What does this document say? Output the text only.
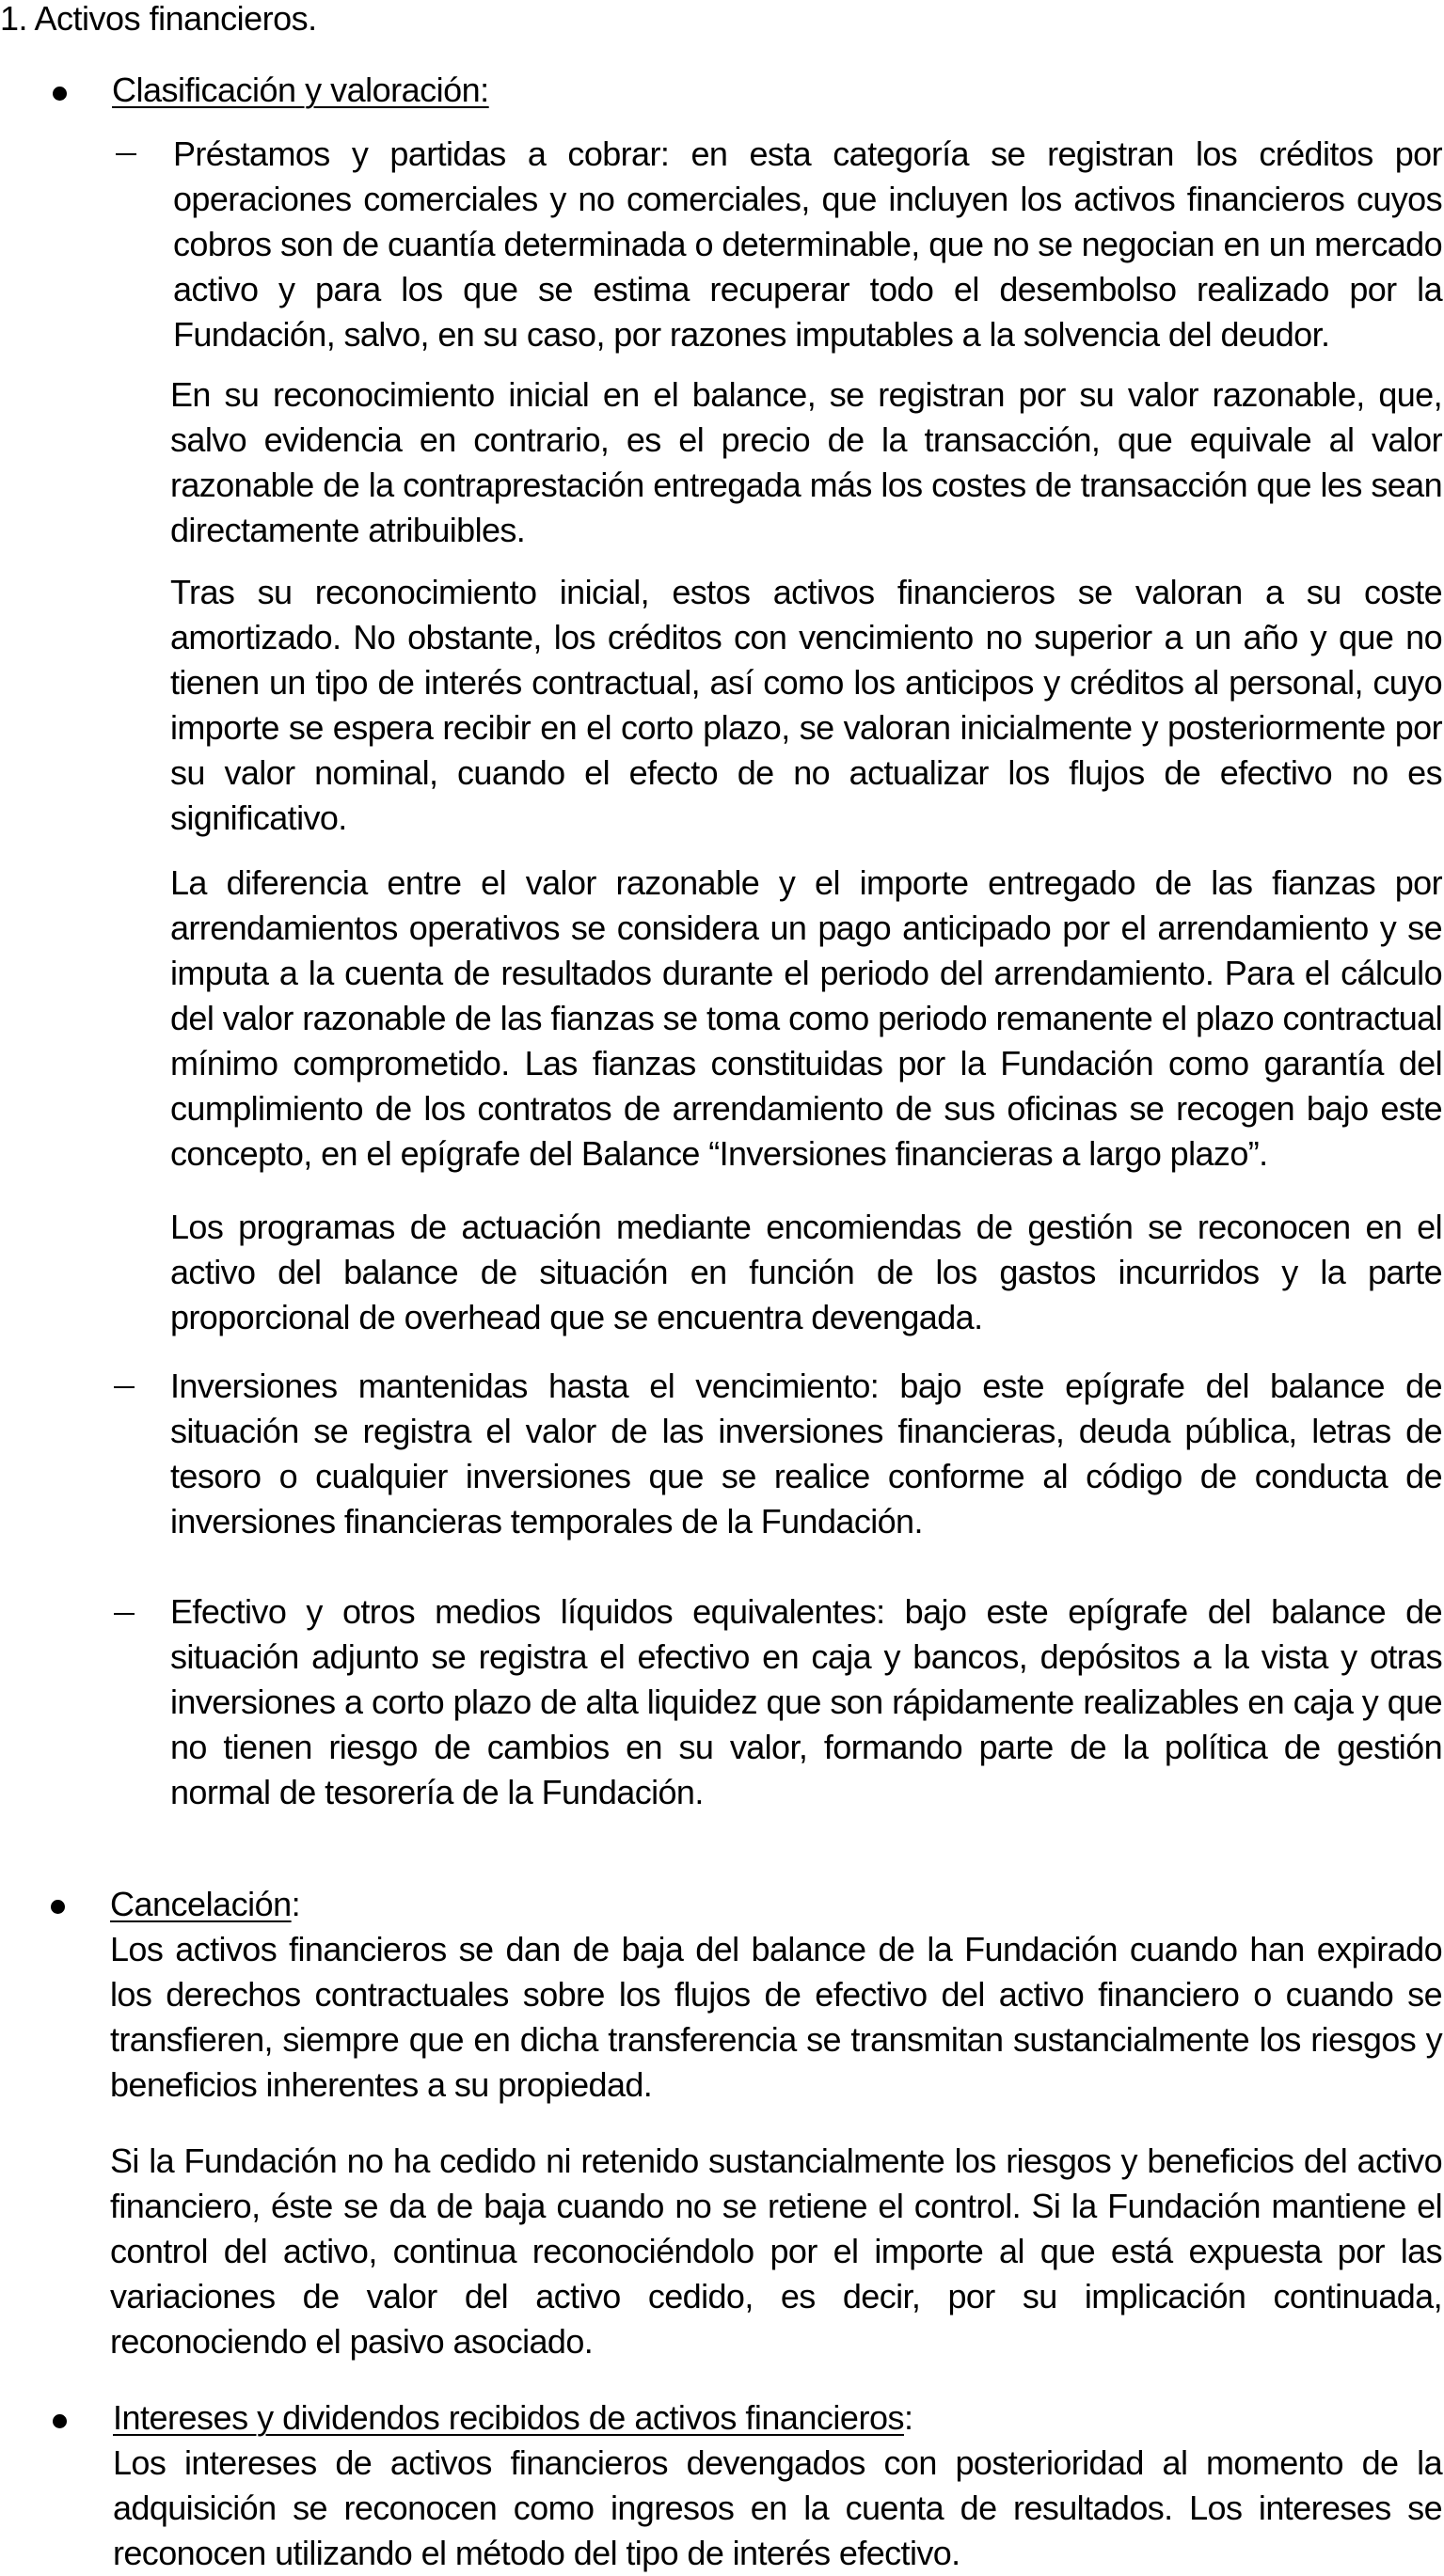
1. Activos financieros.
Clasificación y valoración:
Préstamos y partidas a cobrar: en esta categoría se registran los créditos por operaciones comerciales y no comerciales, que incluyen los activos financieros cuyos cobros son de cuantía determinada o determinable, que no se negocian en un mercado activo y para los que se estima recuperar todo el desembolso realizado por la Fundación, salvo, en su caso, por razones imputables a la solvencia del deudor.
En su reconocimiento inicial en el balance, se registran por su valor razonable, que, salvo evidencia en contrario, es el precio de la transacción, que equivale al valor razonable de la contraprestación entregada más los costes de transacción que les sean directamente atribuibles.
Tras su reconocimiento inicial, estos activos financieros se valoran a su coste amortizado. No obstante, los créditos con vencimiento no superior a un año y que no tienen un tipo de interés contractual, así como los anticipos y créditos al personal, cuyo importe se espera recibir en el corto plazo, se valoran inicialmente y posteriormente por su valor nominal, cuando el efecto de no actualizar los flujos de efectivo no es significativo.
La diferencia entre el valor razonable y el importe entregado de las fianzas por arrendamientos operativos se considera un pago anticipado por el arrendamiento y se imputa a la cuenta de resultados durante el periodo del arrendamiento. Para el cálculo del valor razonable de las fianzas se toma como periodo remanente el plazo contractual mínimo comprometido. Las fianzas constituidas por la Fundación como garantía del cumplimiento de los contratos de arrendamiento de sus oficinas se recogen bajo este concepto, en el epígrafe del Balance “Inversiones financieras a largo plazo”.
Los programas de actuación mediante encomiendas de gestión se reconocen en el activo del balance de situación en función de los gastos incurridos y la parte proporcional de overhead que se encuentra devengada.
Inversiones mantenidas hasta el vencimiento: bajo este epígrafe del balance de situación se registra el valor de las inversiones financieras, deuda pública, letras de tesoro o cualquier inversiones que se realice conforme al código de conducta de inversiones financieras temporales de la Fundación.
Efectivo y otros medios líquidos equivalentes: bajo este epígrafe del balance de situación adjunto se registra el efectivo en caja y bancos, depósitos a la vista y otras inversiones a corto plazo de alta liquidez que son rápidamente realizables en caja y que no tienen riesgo de cambios en su valor, formando parte de la política de gestión normal de tesorería de la Fundación.
Cancelación:
Los activos financieros se dan de baja del balance de la Fundación cuando han expirado los derechos contractuales sobre los flujos de efectivo del activo financiero o cuando se transfieren, siempre que en dicha transferencia se transmitan sustancialmente los riesgos y beneficios inherentes a su propiedad.
Si la Fundación no ha cedido ni retenido sustancialmente los riesgos y beneficios del activo financiero, éste se da de baja cuando no se retiene el control. Si la Fundación mantiene el control del activo, continua reconociéndolo por el importe al que está expuesta por las variaciones de valor del activo cedido, es decir, por su implicación continuada, reconociendo el pasivo asociado.
Intereses y dividendos recibidos de activos financieros:
Los intereses de activos financieros devengados con posterioridad al momento de la adquisición se reconocen como ingresos en la cuenta de resultados. Los intereses se reconocen utilizando el método del tipo de interés efectivo.
